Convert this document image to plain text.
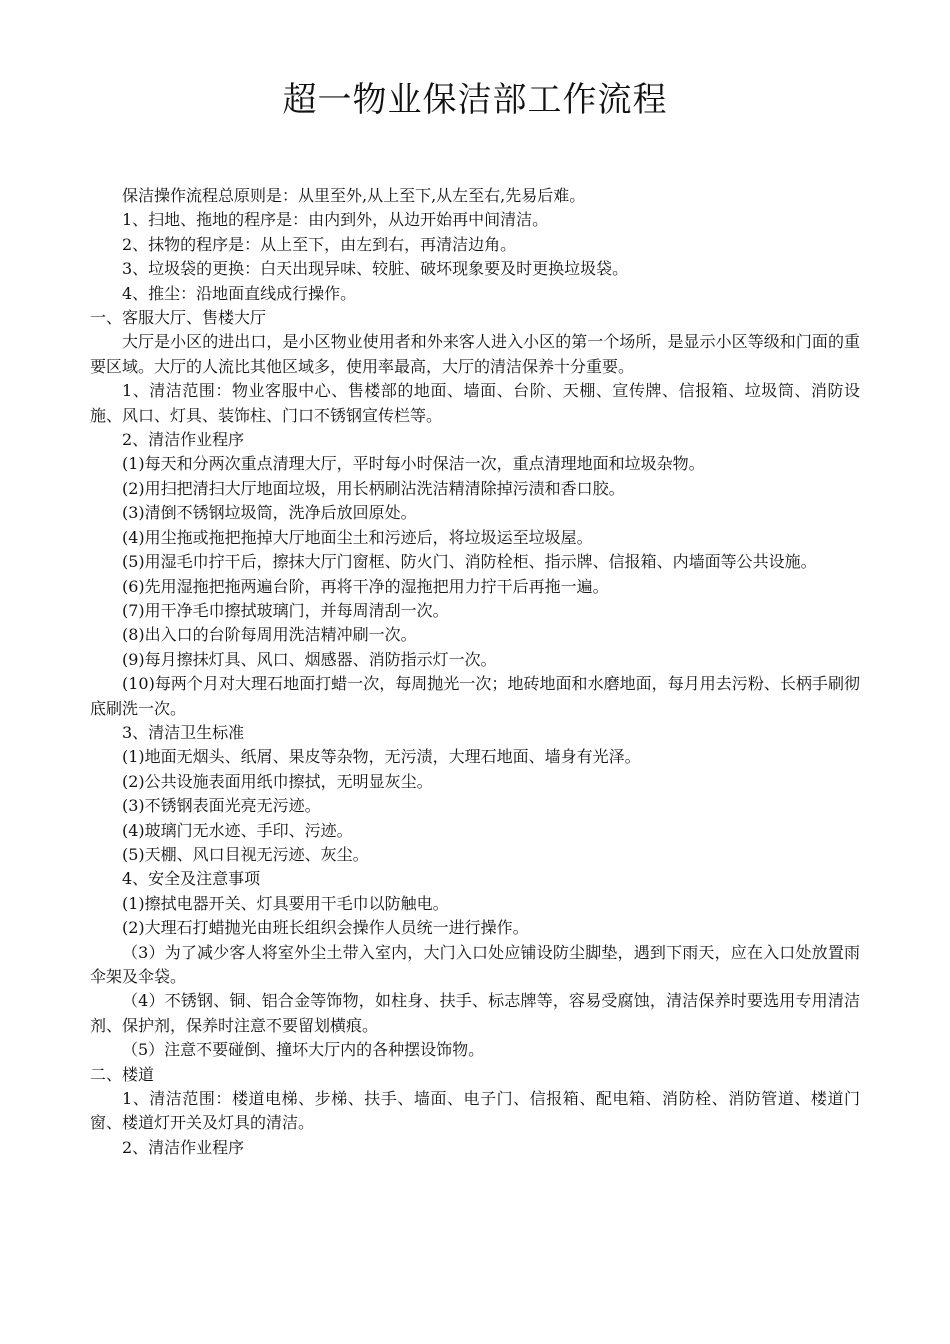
超一物业保洁部工作流程

保洁操作流程总原则是：从里至外,从上至下,从左至右,先易后难。

1、扫地、拖地的程序是：由内到外，从边开始再中间清洁。

2、抹物的程序是：从上至下，由左到右，再清洁边角。

3、垃圾袋的更换：白天出现异味、较脏、破坏现象要及时更换垃圾袋。

4、推尘：沿地面直线成行操作。

一、客服大厅、售楼大厅

大厅是小区的进出口，是小区物业使用者和外来客人进入小区的第一个场所，是显示小区等级和门面的重要区域。大厅的人流比其他区域多，使用率最高，大厅的清洁保养十分重要。

1、清洁范围：物业客服中心、售楼部的地面、墙面、台阶、天棚、宣传牌、信报箱、垃圾筒、消防设施、风口、灯具、装饰柱、门口不锈钢宣传栏等。

2、清洁作业程序

(1)每天和分两次重点清理大厅，平时每小时保洁一次，重点清理地面和垃圾杂物。

(2)用扫把清扫大厅地面垃圾，用长柄刷沾洗洁精清除掉污渍和香口胶。

(3)清倒不锈钢垃圾筒，洗净后放回原处。

(4)用尘拖或拖把拖掉大厅地面尘土和污迹后，将垃圾运至垃圾屋。

(5)用湿毛巾拧干后，擦抹大厅门窗框、防火门、消防栓柜、指示牌、信报箱、内墙面等公共设施。

(6)先用湿拖把拖两遍台阶，再将干净的湿拖把用力拧干后再拖一遍。

(7)用干净毛巾擦拭玻璃门，并每周清刮一次。

(8)出入口的台阶每周用洗洁精冲刷一次。

(9)每月擦抹灯具、风口、烟感器、消防指示灯一次。

(10)每两个月对大理石地面打蜡一次，每周抛光一次；地砖地面和水磨地面，每月用去污粉、长柄手刷彻底刷洗一次。

3、清洁卫生标准

(1)地面无烟头、纸屑、果皮等杂物，无污渍，大理石地面、墙身有光泽。

(2)公共设施表面用纸巾擦拭，无明显灰尘。

(3)不锈钢表面光亮无污迹。

(4)玻璃门无水迹、手印、污迹。

(5)天棚、风口目视无污迹、灰尘。

4、安全及注意事项

(1)擦拭电器开关、灯具要用干毛巾以防触电。

(2)大理石打蜡抛光由班长组织会操作人员统一进行操作。

（3）为了减少客人将室外尘土带入室内，大门入口处应铺设防尘脚垫，遇到下雨天，应在入口处放置雨伞架及伞袋。

（4）不锈钢、铜、铝合金等饰物，如柱身、扶手、标志牌等，容易受腐蚀，清洁保养时要选用专用清洁剂、保护剂，保养时注意不要留划横痕。

（5）注意不要碰倒、撞坏大厅内的各种摆设饰物。

二、楼道

1、清洁范围：楼道电梯、步梯、扶手、墙面、电子门、信报箱、配电箱、消防栓、消防管道、楼道门窗、楼道灯开关及灯具的清洁。

2、清洁作业程序
